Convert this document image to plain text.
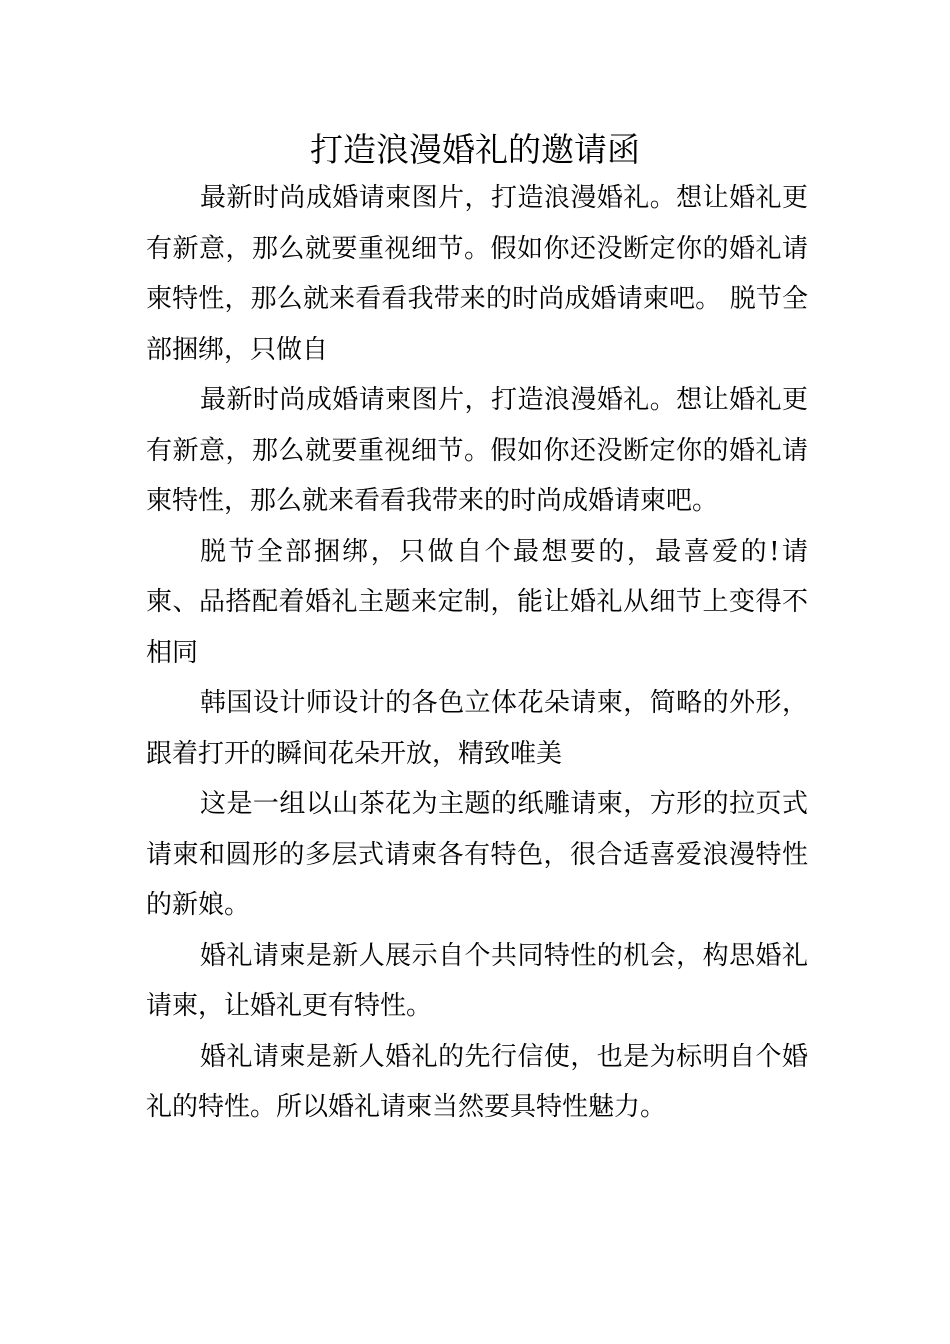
打造浪漫婚礼的邀请函

最新时尚成婚请柬图片，打造浪漫婚礼。想让婚礼更有新意，那么就要重视细节。假如你还没断定你的婚礼请柬特性，那么就来看看我带来的时尚成婚请柬吧。 脱节全部捆绑，只做自

最新时尚成婚请柬图片，打造浪漫婚礼。想让婚礼更有新意，那么就要重视细节。假如你还没断定你的婚礼请柬特性，那么就来看看我带来的时尚成婚请柬吧。

脱节全部捆绑，只做自个最想要的，最喜爱的!请柬、品搭配着婚礼主题来定制，能让婚礼从细节上变得不相同

韩国设计师设计的各色立体花朵请柬，简略的外形，跟着打开的瞬间花朵开放，精致唯美

这是一组以山茶花为主题的纸雕请柬，方形的拉页式请柬和圆形的多层式请柬各有特色，很合适喜爱浪漫特性的新娘。

婚礼请柬是新人展示自个共同特性的机会，构思婚礼请柬，让婚礼更有特性。

婚礼请柬是新人婚礼的先行信使，也是为标明自个婚礼的特性。所以婚礼请柬当然要具特性魅力。
